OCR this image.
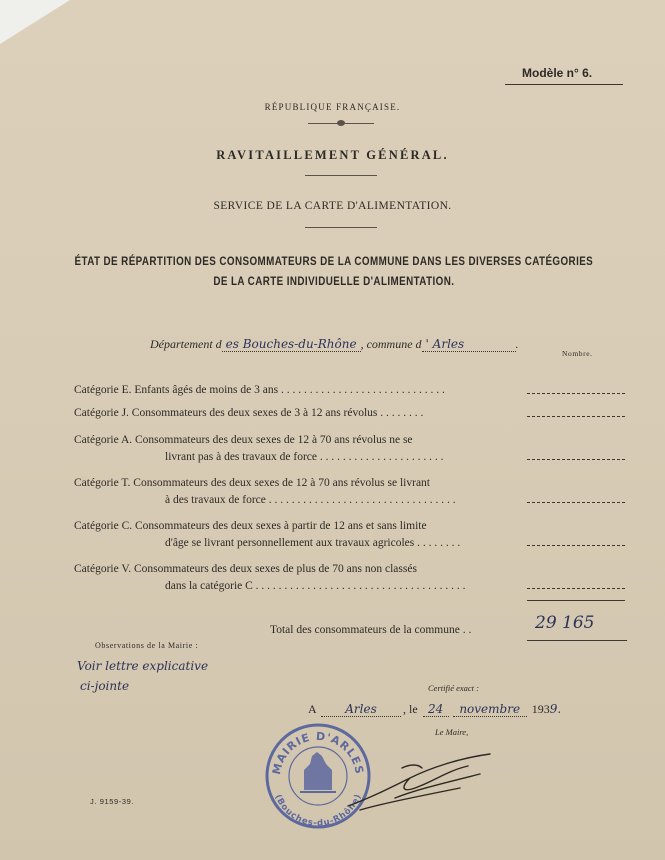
Modèle n° 6.
RÉPUBLIQUE FRANÇAISE.
RAVITAILLEMENT GÉNÉRAL.
SERVICE DE LA CARTE D'ALIMENTATION.
ÉTAT DE RÉPARTITION DES CONSOMMATEURS DE LA COMMUNE DANS LES DIVERSES CATÉGORIES
DE LA CARTE INDIVIDUELLE D'ALIMENTATION.
Département d es Bouches-du-Rhône , commune d ' Arles	.
Nombre.
Catégorie E. Enfants âgés de moins de 3 ans . . . . . . . . . . . . . . . . . . . . . . . . . . . . .
Catégorie J. Consommateurs des deux sexes de 3 à 12 ans révolus . . . . . . . .
Catégorie A. Consommateurs des deux sexes de 12 à 70 ans révolus ne se
livrant pas à des travaux de force . . . . . . . . . . . . . . . . . . . . . .
Catégorie T. Consommateurs des deux sexes de 12 à 70 ans révolus se livrant
à des travaux de force . . . . . . . . . . . . . . . . . . . . . . . . . . . . . . . . .
Catégorie C. Consommateurs des deux sexes à partir de 12 ans et sans limite
d'âge se livrant personnellement aux travaux agricoles . . . . . . . .
Catégorie V. Consommateurs des deux sexes de plus de 70 ans non classés
dans la catégorie C . . . . . . . . . . . . . . . . . . . . . . . . . . . . . . . . . . . . .
Total des consommateurs de la commune . .	29 165
Observations de la Mairie :
Voir lettre explicative
ci-jointe	Certifié exact :
A Arles , le 24 novembre 1939.
Le Maire,
MAIRIE D'ARLES
(Bouches-du-Rhône)
J. 9159-39.
